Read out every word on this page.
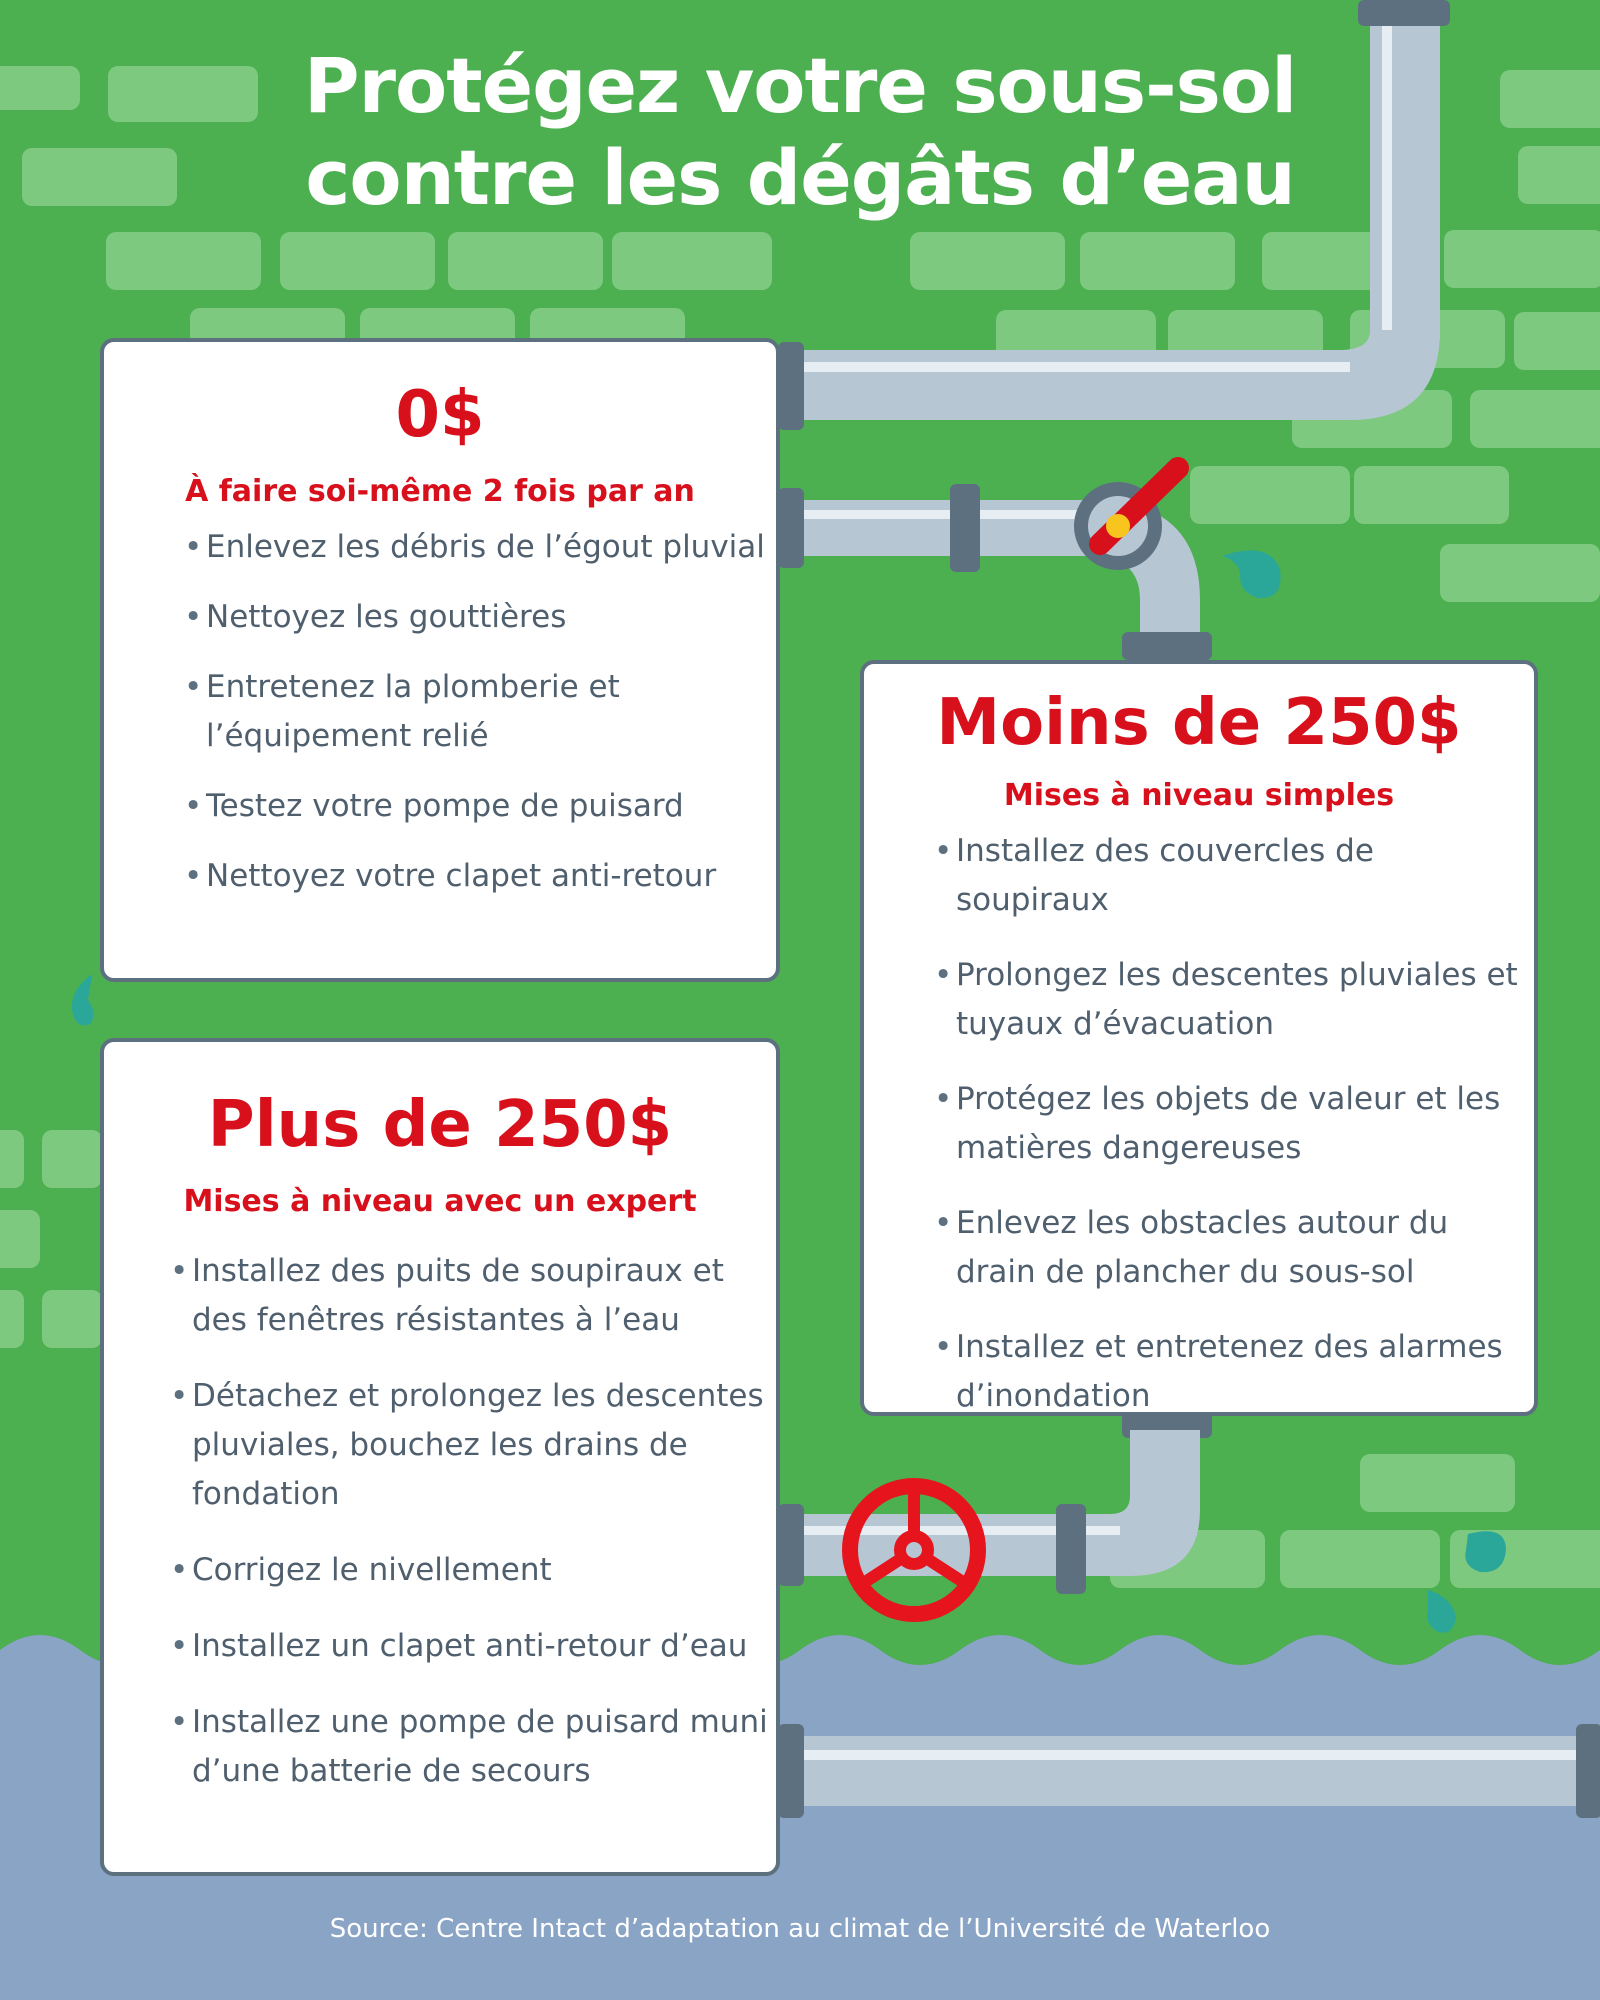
Protégez votre sous-sol
contre les dégâts d’eau

0$

À faire soi-même 2 fois par an

• Enlevez les débris de l’égout pluvial
• Nettoyez les gouttières
• Entretenez la plomberie et l’équipement relié
• Testez votre pompe de puisard
• Nettoyez votre clapet anti-retour

Moins de 250$

Mises à niveau simples

• Installez des couvercles de soupiraux
• Prolongez les descentes pluviales et tuyaux d’évacuation
• Protégez les objets de valeur et les matières dangereuses
• Enlevez les obstacles autour du drain de plancher du sous-sol
• Installez et entretenez des alarmes d’inondation

Plus de 250$

Mises à niveau avec un expert

• Installez des puits de soupiraux et des fenêtres résistantes à l’eau
• Détachez et prolongez les descentes pluviales, bouchez les drains de fondation
• Corrigez le nivellement
• Installez un clapet anti-retour d’eau
• Installez une pompe de puisard muni d’une batterie de secours

Source: Centre Intact d’adaptation au climat de l’Université de Waterloo
